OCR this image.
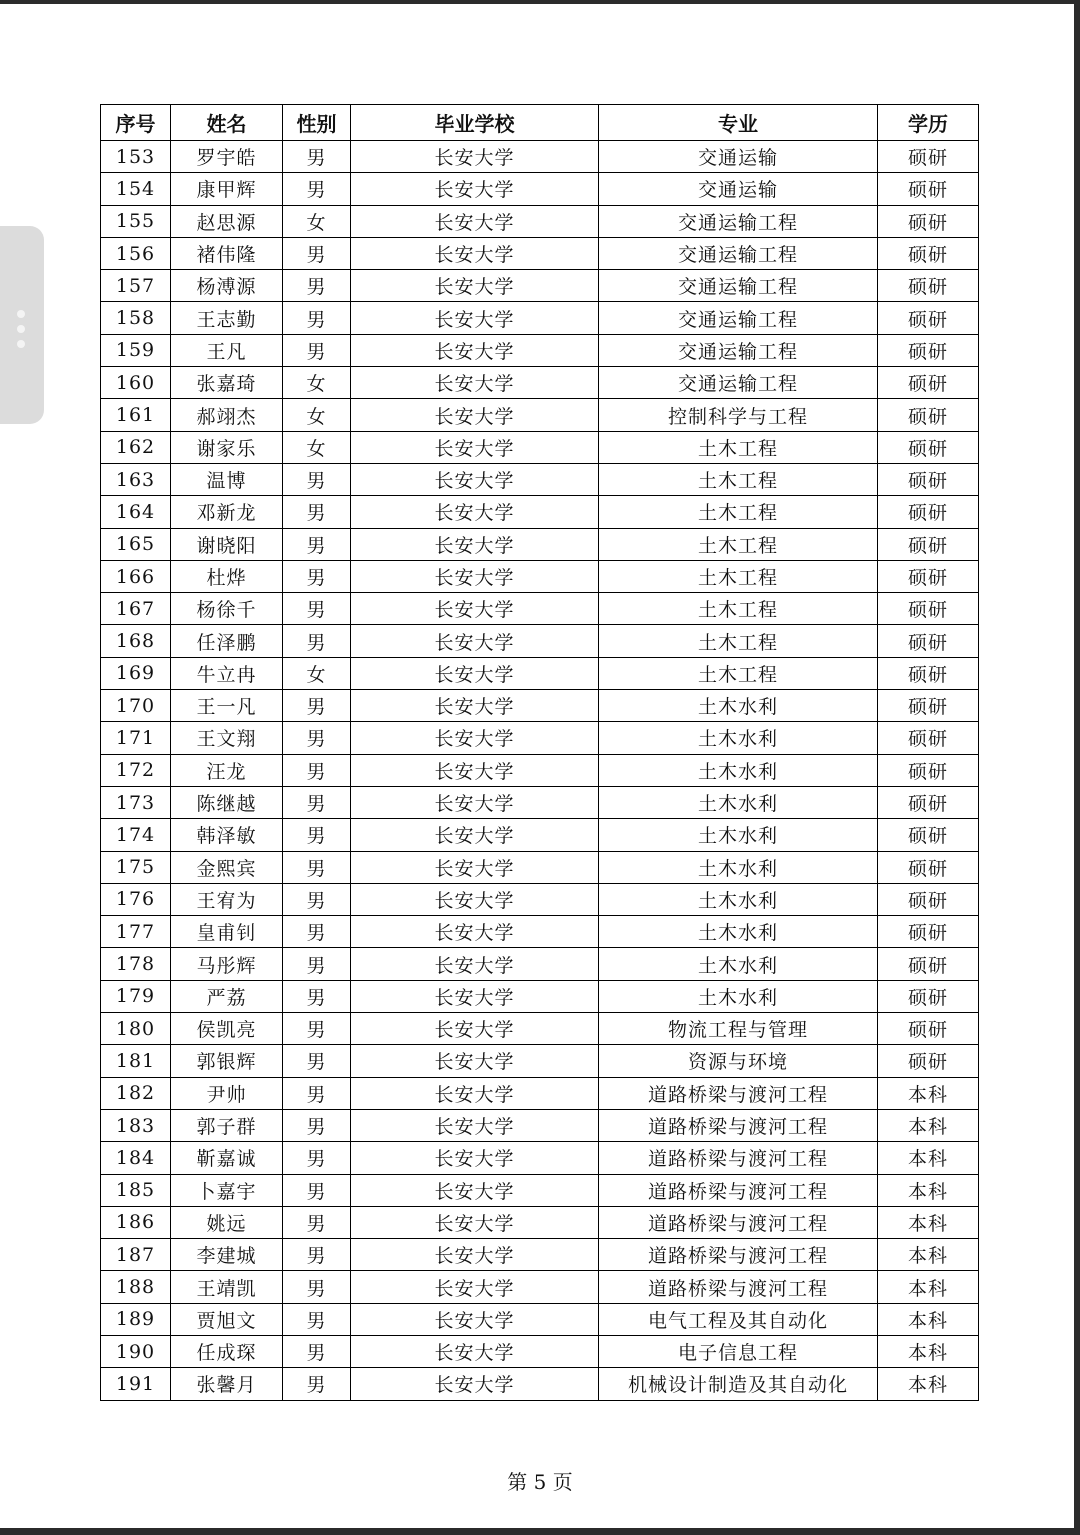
序号	姓名	性别	毕业学校	专业	学历
153	罗宇皓	男	长安大学	交通运输	硕研
154	康甲辉	男	长安大学	交通运输	硕研
155	赵思源	女	长安大学	交通运输工程	硕研
156	褚伟隆	男	长安大学	交通运输工程	硕研
157	杨溥源	男	长安大学	交通运输工程	硕研
158	王志勤	男	长安大学	交通运输工程	硕研
159	王凡	男	长安大学	交通运输工程	硕研
160	张嘉琦	女	长安大学	交通运输工程	硕研
161	郝翊杰	女	长安大学	控制科学与工程	硕研
162	谢家乐	女	长安大学	土木工程	硕研
163	温博	男	长安大学	土木工程	硕研
164	邓新龙	男	长安大学	土木工程	硕研
165	谢晓阳	男	长安大学	土木工程	硕研
166	杜烨	男	长安大学	土木工程	硕研
167	杨徐千	男	长安大学	土木工程	硕研
168	任泽鹏	男	长安大学	土木工程	硕研
169	牛立冉	女	长安大学	土木工程	硕研
170	王一凡	男	长安大学	土木水利	硕研
171	王文翔	男	长安大学	土木水利	硕研
172	汪龙	男	长安大学	土木水利	硕研
173	陈继越	男	长安大学	土木水利	硕研
174	韩泽敏	男	长安大学	土木水利	硕研
175	金熙宾	男	长安大学	土木水利	硕研
176	王宥为	男	长安大学	土木水利	硕研
177	皇甫钊	男	长安大学	土木水利	硕研
178	马彤辉	男	长安大学	土木水利	硕研
179	严荔	男	长安大学	土木水利	硕研
180	侯凯亮	男	长安大学	物流工程与管理	硕研
181	郭银辉	男	长安大学	资源与环境	硕研
182	尹帅	男	长安大学	道路桥梁与渡河工程	本科
183	郭子群	男	长安大学	道路桥梁与渡河工程	本科
184	靳嘉诚	男	长安大学	道路桥梁与渡河工程	本科
185	卜嘉宇	男	长安大学	道路桥梁与渡河工程	本科
186	姚远	男	长安大学	道路桥梁与渡河工程	本科
187	李建城	男	长安大学	道路桥梁与渡河工程	本科
188	王靖凯	男	长安大学	道路桥梁与渡河工程	本科
189	贾旭文	男	长安大学	电气工程及其自动化	本科
190	任成琛	男	长安大学	电子信息工程	本科
191	张馨月	男	长安大学	机械设计制造及其自动化	本科
第 5 页
